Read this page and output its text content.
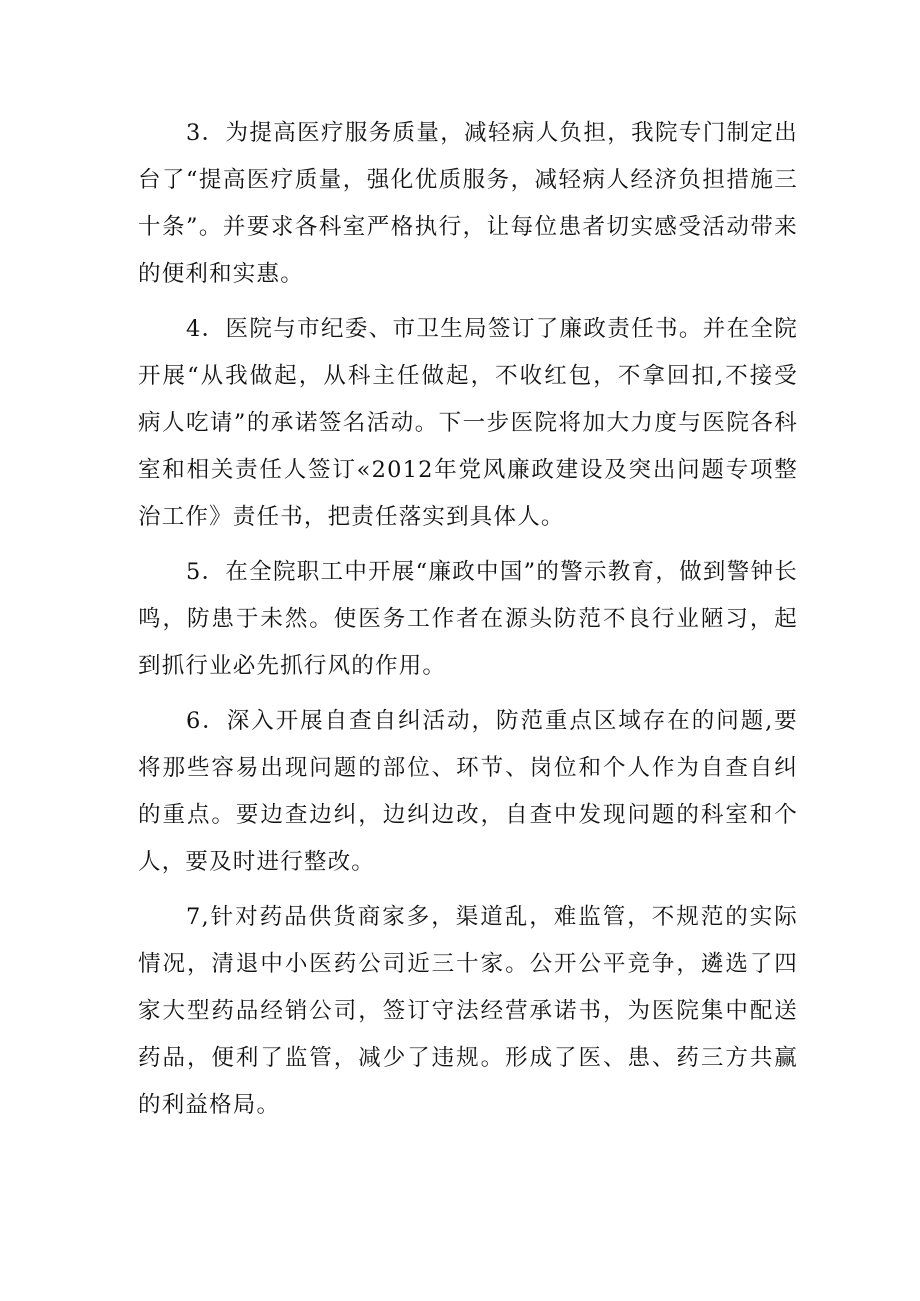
3．为提高医疗服务质量，减轻病人负担，我院专门制定出台了“提高医疗质量，强化优质服务，减轻病人经济负担措施三十条”。并要求各科室严格执行，让每位患者切实感受活动带来的便利和实惠。

4．医院与市纪委、市卫生局签订了廉政责任书。并在全院开展“从我做起，从科主任做起，不收红包，不拿回扣,不接受病人吃请”的承诺签名活动。下一步医院将加大力度与医院各科室和相关责任人签订«2012年党风廉政建设及突出问题专项整治工作》责任书，把责任落实到具体人。

5．在全院职工中开展“廉政中国”的警示教育，做到警钟长鸣，防患于未然。使医务工作者在源头防范不良行业陋习，起到抓行业必先抓行风的作用。

6．深入开展自查自纠活动，防范重点区域存在的问题,要将那些容易出现问题的部位、环节、岗位和个人作为自查自纠的重点。要边查边纠，边纠边改，自查中发现问题的科室和个人，要及时进行整改。

7,针对药品供货商家多，渠道乱，难监管，不规范的实际情况，清退中小医药公司近三十家。公开公平竞争，遴选了四家大型药品经销公司，签订守法经营承诺书，为医院集中配送药品，便利了监管，减少了违规。形成了医、患、药三方共赢的利益格局。
